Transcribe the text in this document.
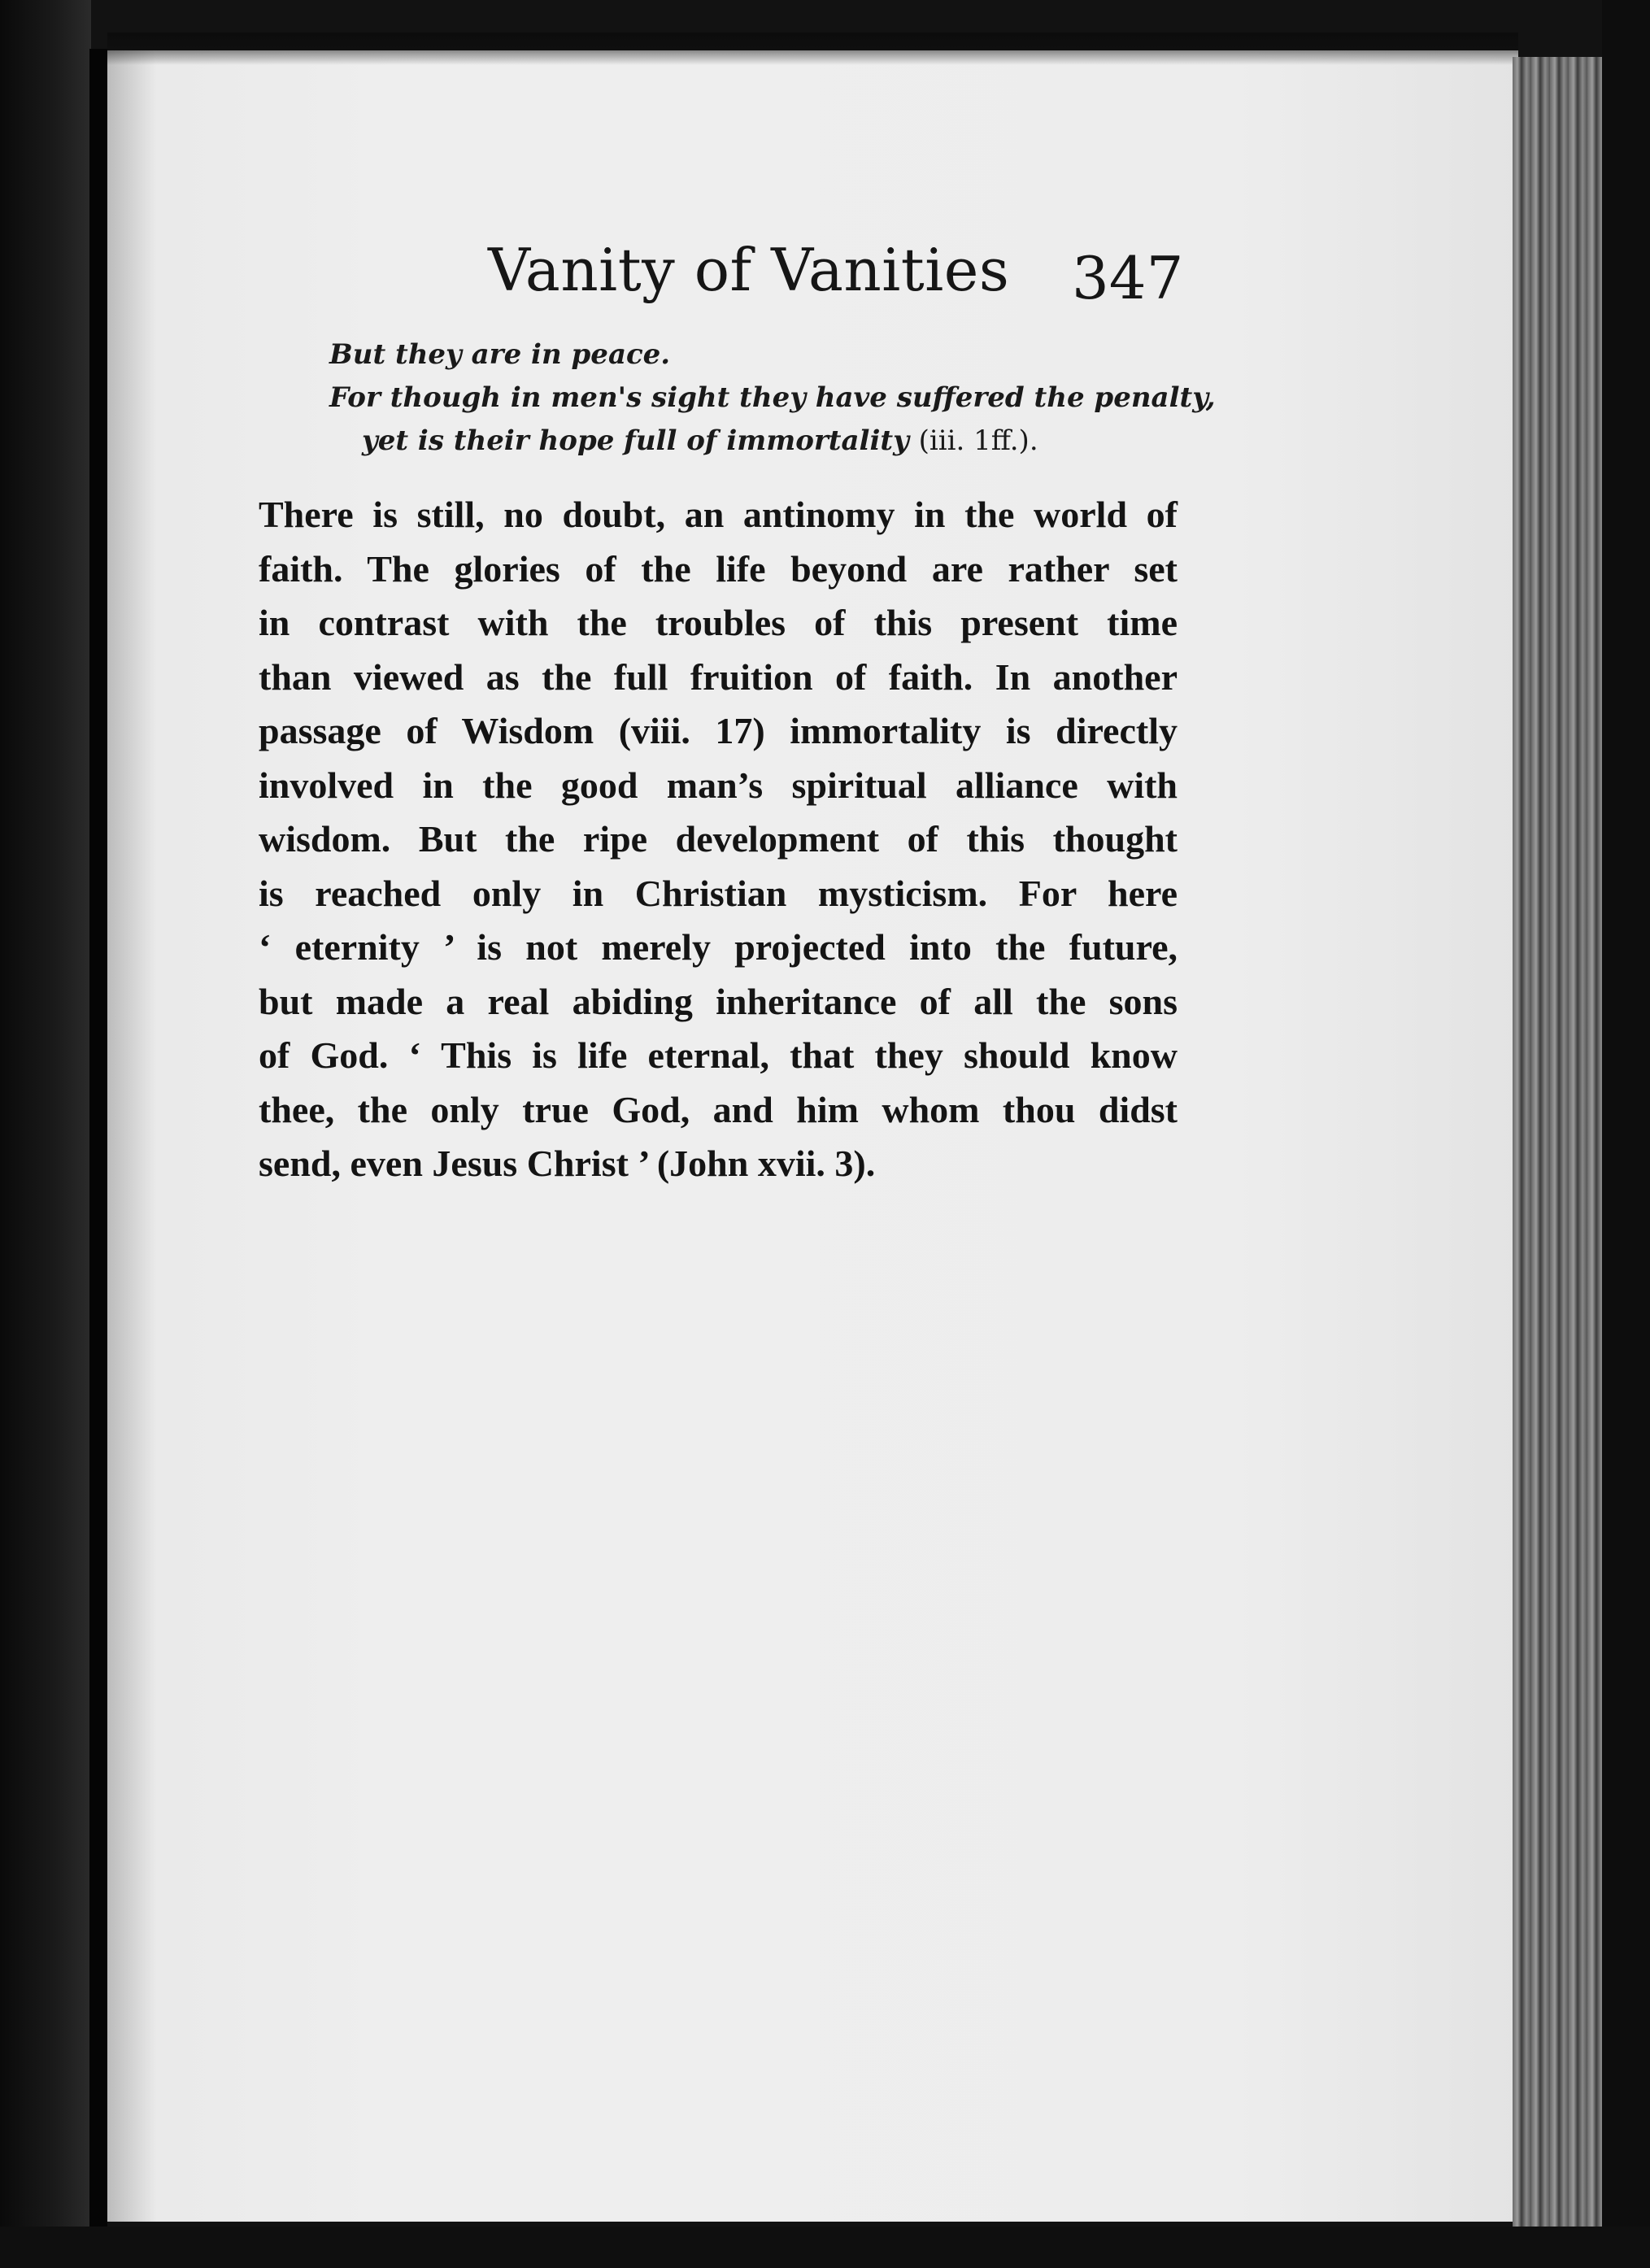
Vanity of Vanities 347
But they are in peace.
For though in men's sight they have suffered the penalty,
yet is their hope full of immortality (iii. 1ff.).
There is still, no doubt, an antinomy in the world of
faith. The glories of the life beyond are rather set
in contrast with the troubles of this present time
than viewed as the full fruition of faith. In another
passage of Wisdom (viii. 17) immortality is directly
involved in the good man’s spiritual alliance with
wisdom. But the ripe development of this thought
is reached only in Christian mysticism. For here
‘ eternity ’ is not merely projected into the future,
but made a real abiding inheritance of all the sons
of God. ‘ This is life eternal, that they should know
thee, the only true God, and him whom thou didst
send, even Jesus Christ ’ (John xvii. 3).
